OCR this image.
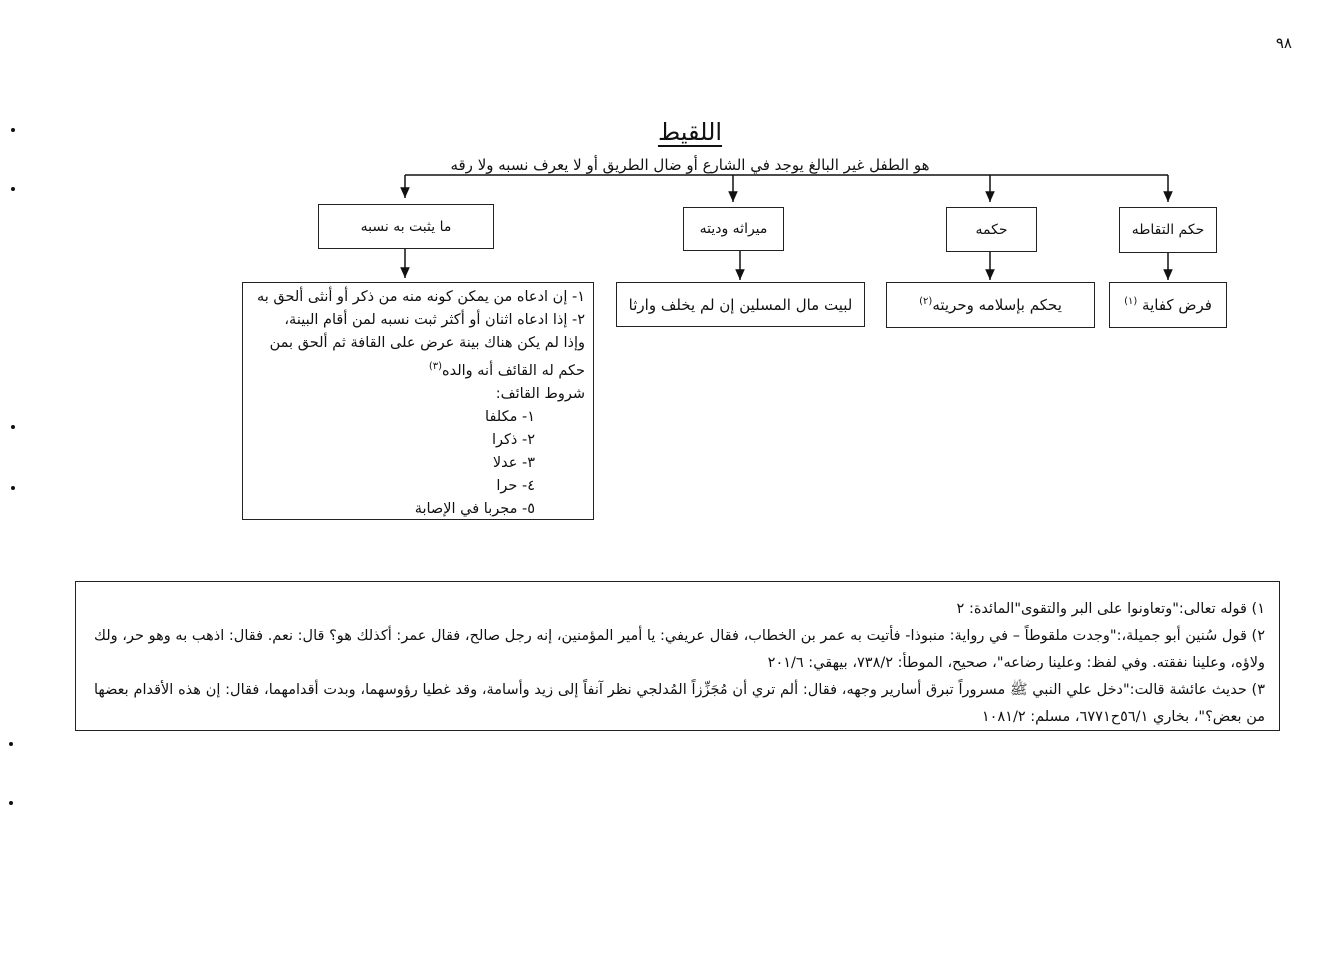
٩٨
اللقيط
هو الطفل غير البالغ يوجد في الشارع أو ضال الطريق أو لا يعرف نسبه ولا رقه
ما يثبت به نسبه	ميراثه وديته	حكمه	حكم التقاطه
فرض كفاية $^{(١)}$
يحكم بإسلامه وحريته$^{(٢)}$
لبيت مال المسلين إن لم يخلف وارثا
١- إن ادعاه من يمكن كونه منه من ذكر أو أنثى ألحق به
٢- إذا ادعاه اثنان أو أكثر ثبت نسبه لمن أقام البينة،
وإذا لم يكن هناك بينة عرض على القافة ثم ألحق بمن
حكم له القائف أنه والده$^{(٣)}$
شروط القائف:
١- مكلفا
٢- ذكرا
٣- عدلا
٤- حرا
٥- مجربا في الإصابة
١) قوله تعالى:"وتعاونوا على البر والتقوى"المائدة: ٢
٢) قول سُنين أبو جميلة،:"وجدت ملقوطاً – في رواية: منبوذا- فأتيت به عمر بن الخطاب، فقال عريفي: يا أمير المؤمنين، إنه رجل صالح، فقال عمر: أكذلك هو؟ قال: نعم. فقال: اذهب به وهو حر، ولك ولاؤه، وعلينا نفقته. وفي لفظ: وعلينا رضاعه"، صحيح، الموطأ: ٧٣٨/٢، بيهقي: ٢٠١/٦
٣) حديث عائشة قالت:"دخل علي النبي ﷺ مسروراً تبرق أسارير وجهه، فقال: ألم تري أن مُجَزِّزاً المُدلجي نظر آنفاً إلى زيد وأسامة، وقد غطيا رؤوسهما، وبدت أقدامهما، فقال: إن هذه الأقدام بعضها من بعض؟"، بخاري ٥٦/١ح٦٧٧١، مسلم: ١٠٨١/٢
